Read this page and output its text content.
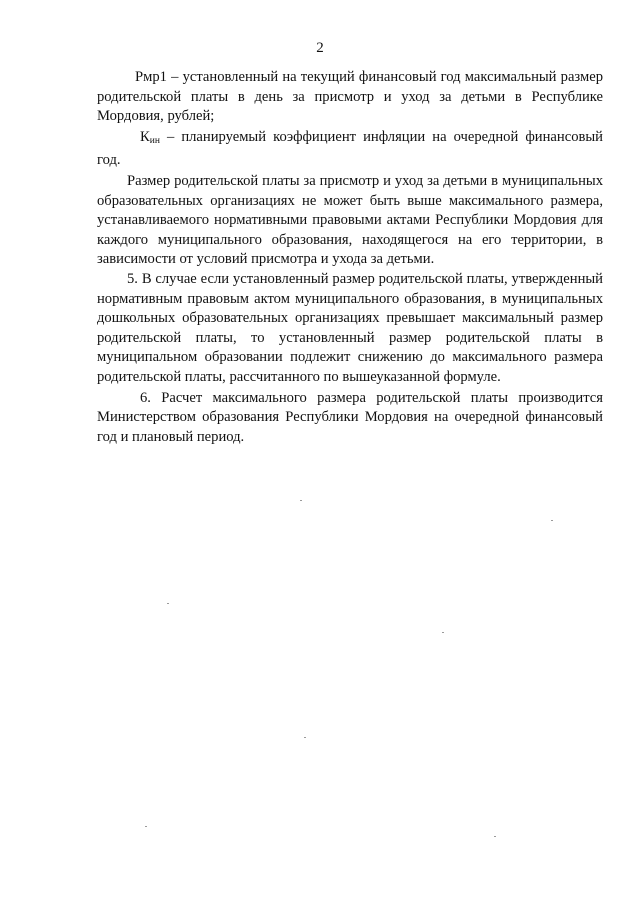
2

Рмр1 – установленный на текущий финансовый год максимальный размер родительской платы в день за присмотр и уход за детьми в Республике Мордовия, рублей;

$К_{ин}$ – планируемый коэффициент инфляции на очередной финансовый год.

Размер родительской платы за присмотр и уход за детьми в муниципальных образовательных организациях не может быть выше максимального размера, устанавливаемого нормативными правовыми актами Республики Мордовия для каждого муниципального образования, находящегося на его территории, в зависимости от условий присмотра и ухода за детьми.

5. В случае если установленный размер родительской платы, утвержденный нормативным правовым актом муниципального образования, в муниципальных дошкольных образовательных организациях превышает максимальный размер родительской платы, то установленный размер родительской платы в муниципальном образовании подлежит снижению до максимального размера родительской платы, рассчитанного по вышеуказанной формуле.

6. Расчет максимального размера родительской платы производится Министерством образования Республики Мордовия на очередной финансовый год и плановый период.
